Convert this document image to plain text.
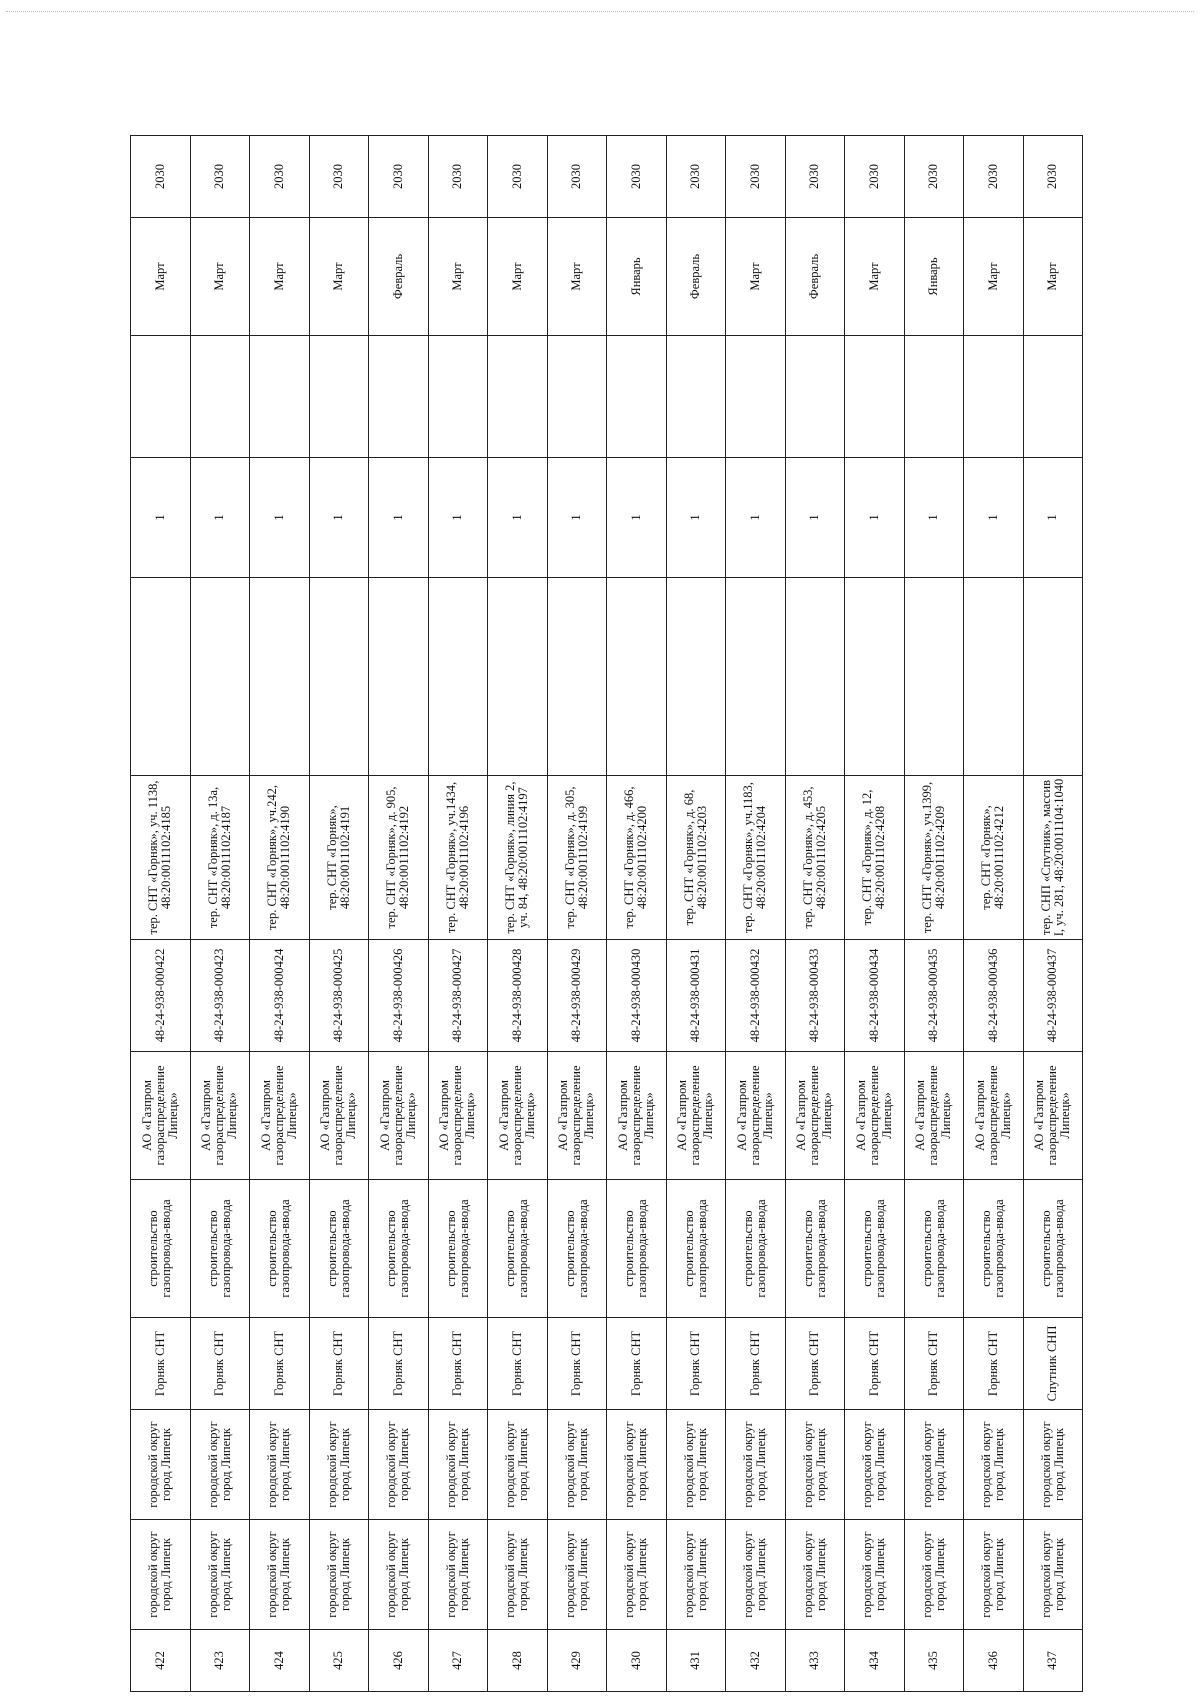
422	городской округ город Липецк	городской округ город Липецк	Горняк СНТ	строительство газопровода-ввода	АО «Газпром газораспределение Липецк»	48-24-938-000422	тер. СНТ «Горняк», уч. 1138, 48:20:0011102:4185		1		Март	2030
423	городской округ город Липецк	городской округ город Липецк	Горняк СНТ	строительство газопровода-ввода	АО «Газпром газораспределение Липецк»	48-24-938-000423	тер. СНТ «Горняк», д. 13а, 48:20:0011102:4187		1		Март	2030
424	городской округ город Липецк	городской округ город Липецк	Горняк СНТ	строительство газопровода-ввода	АО «Газпром газораспределение Липецк»	48-24-938-000424	тер. СНТ «Горняк», уч.242, 48:20:0011102:4190		1		Март	2030
425	городской округ город Липецк	городской округ город Липецк	Горняк СНТ	строительство газопровода-ввода	АО «Газпром газораспределение Липецк»	48-24-938-000425	тер. СНТ «Горняк», 48:20:0011102:4191		1		Март	2030
426	городской округ город Липецк	городской округ город Липецк	Горняк СНТ	строительство газопровода-ввода	АО «Газпром газораспределение Липецк»	48-24-938-000426	тер. СНТ «Горняк», д. 905, 48:20:0011102:4192		1		Февраль	2030
427	городской округ город Липецк	городской округ город Липецк	Горняк СНТ	строительство газопровода-ввода	АО «Газпром газораспределение Липецк»	48-24-938-000427	тер. СНТ «Горняк», уч.1434, 48:20:0011102:4196		1		Март	2030
428	городской округ город Липецк	городской округ город Липецк	Горняк СНТ	строительство газопровода-ввода	АО «Газпром газораспределение Липецк»	48-24-938-000428	тер. СНТ «Горняк», линия 2, уч. 84, 48:20:0011102:4197		1		Март	2030
429	городской округ город Липецк	городской округ город Липецк	Горняк СНТ	строительство газопровода-ввода	АО «Газпром газораспределение Липецк»	48-24-938-000429	тер. СНТ «Горняк», д. 305, 48:20:0011102:4199		1		Март	2030
430	городской округ город Липецк	городской округ город Липецк	Горняк СНТ	строительство газопровода-ввода	АО «Газпром газораспределение Липецк»	48-24-938-000430	тер. СНТ «Горняк», д. 466, 48:20:0011102:4200		1		Январь	2030
431	городской округ город Липецк	городской округ город Липецк	Горняк СНТ	строительство газопровода-ввода	АО «Газпром газораспределение Липецк»	48-24-938-000431	тер. СНТ «Горняк», д. 68, 48:20:0011102:4203		1		Февраль	2030
432	городской округ город Липецк	городской округ город Липецк	Горняк СНТ	строительство газопровода-ввода	АО «Газпром газораспределение Липецк»	48-24-938-000432	тер. СНТ «Горняк», уч.1183, 48:20:0011102:4204		1		Март	2030
433	городской округ город Липецк	городской округ город Липецк	Горняк СНТ	строительство газопровода-ввода	АО «Газпром газораспределение Липецк»	48-24-938-000433	тер. СНТ «Горняк», д. 453, 48:20:0011102:4205		1		Февраль	2030
434	городской округ город Липецк	городской округ город Липецк	Горняк СНТ	строительство газопровода-ввода	АО «Газпром газораспределение Липецк»	48-24-938-000434	тер. СНТ «Горняк», д. 12, 48:20:0011102:4208		1		Март	2030
435	городской округ город Липецк	городской округ город Липецк	Горняк СНТ	строительство газопровода-ввода	АО «Газпром газораспределение Липецк»	48-24-938-000435	тер. СНТ «Горняк», уч.1399, 48:20:0011102:4209		1		Январь	2030
436	городской округ город Липецк	городской округ город Липецк	Горняк СНТ	строительство газопровода-ввода	АО «Газпром газораспределение Липецк»	48-24-938-000436	тер. СНТ «Горняк», 48:20:0011102:4212		1		Март	2030
437	городской округ город Липецк	городской округ город Липецк	Спутник СНП	строительство газопровода-ввода	АО «Газпром газораспределение Липецк»	48-24-938-000437	тер. СНП «Спутник», массив I, уч. 281, 48:20:0011104:1040		1		Март	2030
